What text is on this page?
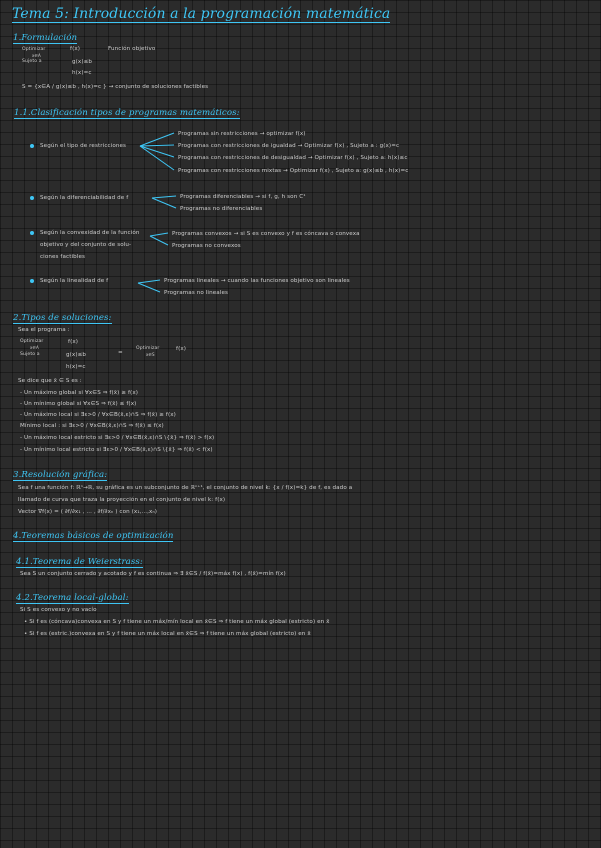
Tema 5: Introducción a la programación matemática
1.Formulación
Optimizar
x∈A
f(x)	Función objetivo
Sujeto a	g(x)≤b
h(x)=c
S = {x∈A / g(x)≤b , h(x)=c } → conjunto de soluciones factibles
1.1.Clasificación tipos de programas matemáticos:
Según el tipo de restricciones
Programas sin restricciones → optimizar f(x)
Programas con restricciones de igualdad → Optimizar f(x) , Sujeto a : g(x)=c
Programas con restricciones de desigualdad → Optimizar f(x) , Sujeto a: h(x)≤c
Programas con restricciones mixtas → Optimizar f(x) , Sujeto a: g(x)≤b , h(x)=c
Según la diferenciabilidad de f	Programas diferenciables → si f, g, h son C¹
Programas no diferenciables
Según la convexidad de la función
objetivo y del conjunto de solu-
ciones factibles
Programas convexos → si S es convexo y f es cóncava o convexa
Programas no convexos
Según la linealidad de f	Programas lineales → cuando las funciones objetivo son lineales
Programas no lineales
2.Tipos de soluciones:
Sea el programa :
Optimizar
x∈A
f(x)
Sujeto a	g(x)≤b
h(x)=c
=
Optimizar
x∈S
f(x)
Se dice que x̄ ∈ S es :
- Un máximo global si ∀x∈S ⇒ f(x̄) ≥ f(x)
- Un mínimo global si ∀x∈S ⇒ f(x̄) ≤ f(x)
- Un máximo local si ∃ε>0 / ∀x∈B(x̄,ε)∩S ⇒ f(x̄) ≥ f(x)
Mínimo local : si ∃ε>0 / ∀x∈B(x̄,ε)∩S ⇒ f(x̄) ≤ f(x)
- Un máximo local estricto si ∃ε>0 / ∀x∈B(x̄,ε)∩S \{x̄} ⇒ f(x̄) > f(x)
- Un mínimo local estricto si ∃ε>0 / ∀x∈B(x̄,ε)∩S \{x̄} ⇒ f(x̄) < f(x)
3.Resolución gráfica:
Sea f una función f: ℝⁿ→ℝ, su gráfica es un subconjunto de ℝⁿ⁺¹, el conjunto de nivel k: {x / f(x)=k} de f, es dado a
llamado de curva que traza la proyección en el conjunto de nivel k: f(x)
Vector ∇f(x) = ( ∂f/∂x₁ , ... , ∂f/∂xₙ ) con (x₁,...,xₙ)
4.Teoremas básicos de optimización
4.1.Teorema de Weierstrass:
Sea S un conjunto cerrado y acotado y f es continua ⇒ ∃ x̄∈S / f(x̄)=máx f(x) , f(x̄)=mín f(x)
4.2.Teorema local-global:
Si S es convexo y no vacío
• Si f es (cóncava)convexa en S y f tiene un máx/mín local en x̄∈S ⇒ f tiene un máx global (estricto) en x̄
• Si f es (estric.)convexa en S y f tiene un máx local en x̄∈S ⇒ f tiene un máx global (estricto) en x̄
